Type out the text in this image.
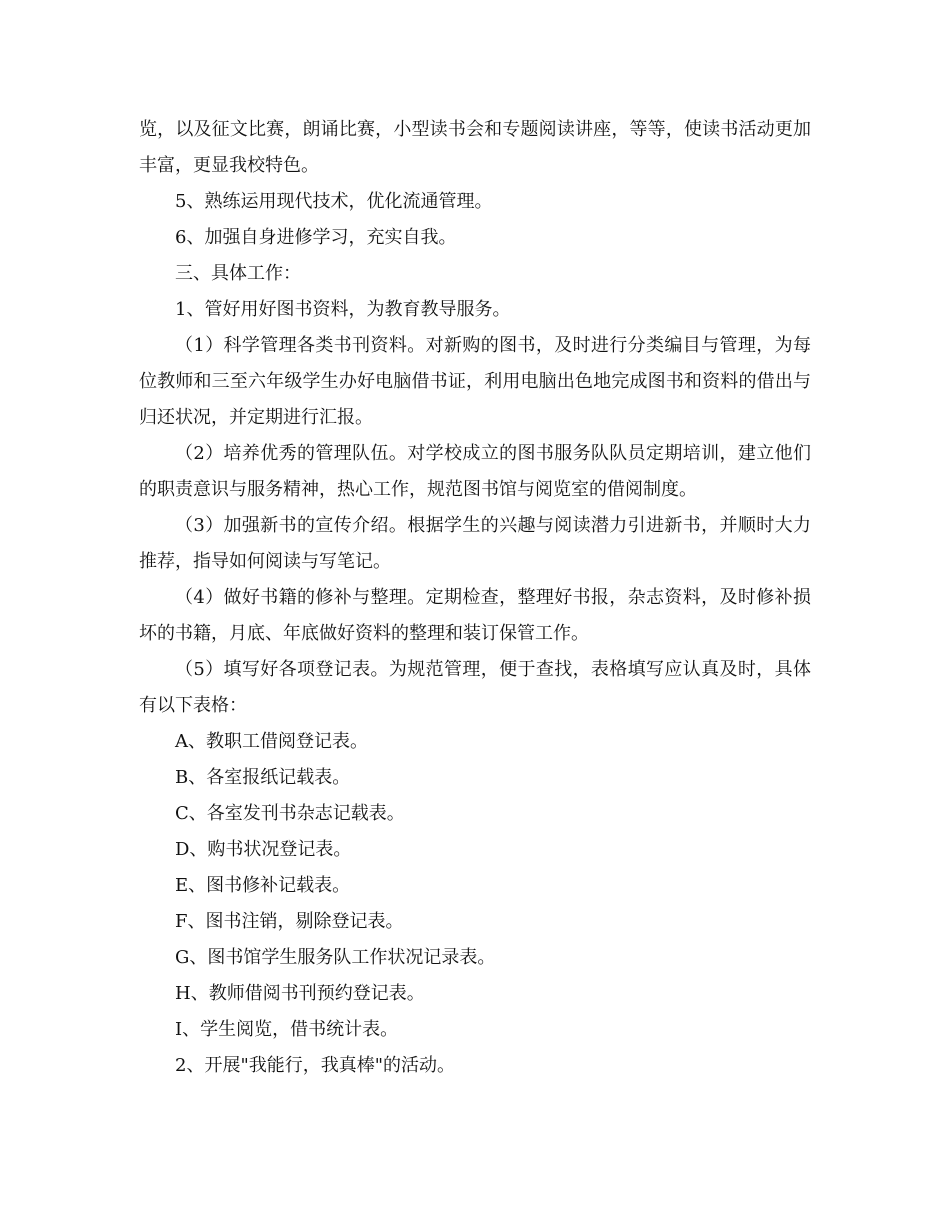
览，以及征文比赛，朗诵比赛，小型读书会和专题阅读讲座，等等，使读书活动更加丰富，更显我校特色。

5、熟练运用现代技术，优化流通管理。

6、加强自身进修学习，充实自我。

三、具体工作：

1、管好用好图书资料，为教育教导服务。

（1）科学管理各类书刊资料。对新购的图书，及时进行分类编目与管理，为每位教师和三至六年级学生办好电脑借书证，利用电脑出色地完成图书和资料的借出与归还状况，并定期进行汇报。

（2）培养优秀的管理队伍。对学校成立的图书服务队队员定期培训，建立他们的职责意识与服务精神，热心工作，规范图书馆与阅览室的借阅制度。

（3）加强新书的宣传介绍。根据学生的兴趣与阅读潜力引进新书，并顺时大力推荐，指导如何阅读与写笔记。

（4）做好书籍的修补与整理。定期检查，整理好书报，杂志资料，及时修补损坏的书籍，月底、年底做好资料的整理和装订保管工作。

（5）填写好各项登记表。为规范管理，便于查找，表格填写应认真及时，具体有以下表格：

A、教职工借阅登记表。

B、各室报纸记载表。

C、各室发刊书杂志记载表。

D、购书状况登记表。

E、图书修补记载表。

F、图书注销，剔除登记表。

G、图书馆学生服务队工作状况记录表。

H、教师借阅书刊预约登记表。

I、学生阅览，借书统计表。

2、开展"我能行，我真棒"的活动。
